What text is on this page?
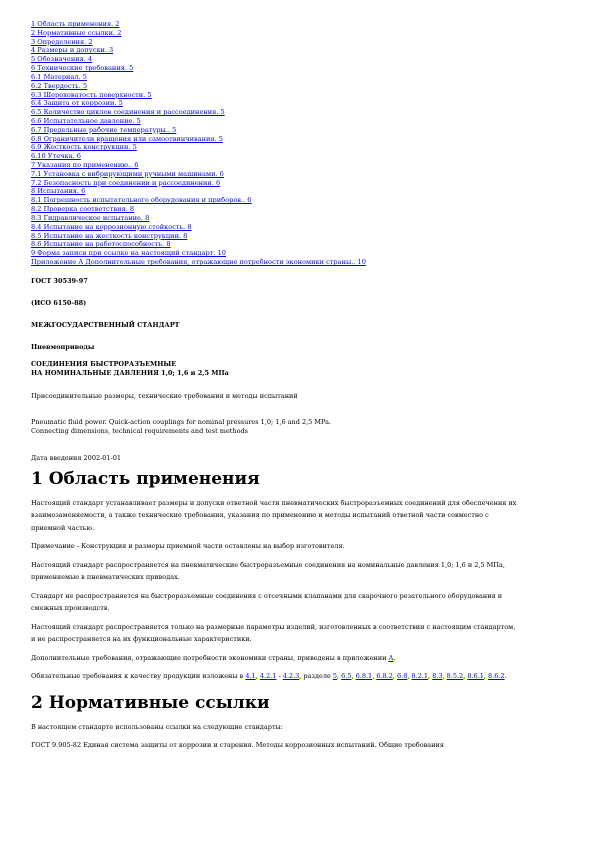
1 Область применения. 2
2 Нормативные ссылки. 2
3 Определения. 2
4 Размеры и допуски. 3
5 Обозначения. 4
6 Технические требования. 5
6.1 Материал. 5
6.2 Твердость. 5
6.3 Шероховатость поверхности. 5
6.4 Защита от коррозии. 5
6.5 Количество циклов соединения и рассоединения. 5
6.6 Испытательное давление. 5
6.7 Предельные рабочие температуры.. 5
6.8 Ограничители вращения или самоотвинчивания. 5
6.9 Жесткость конструкции. 5
6.10 Утечка. 6
7 Указания по применению.. 6
7.1 Установка с вибрирующими ручными машинами. 6
7.2 Безопасность при соединении и рассоединении. 6
8 Испытания. 6
8.1 Погрешность испытательного оборудования и приборов.. 6
8.2 Проверка соответствия. 8
8.3 Гидравлическое испытание. 8
8.4 Испытание на коррозионную стойкость. 8
8.5 Испытание на жесткость конструкции. 8
8.6 Испытание на работоспособность. 8
9 Форма записи при ссылке на настоящий стандарт. 10
Приложение А Дополнительные требования, отражающие потребности экономики страны.. 10

ГОСТ 30539-97

(ИСО 6150-88)

МЕЖГОСУДАРСТВЕННЫЙ СТАНДАРТ

Пневмоприводы

СОЕДИНЕНИЯ БЫСТРОРАЗЪЕМНЫЕ

НА НОМИНАЛЬНЫЕ ДАВЛЕНИЯ 1,0; 1,6 и 2,5 МПа

Присоединительные размеры, технические требования и методы испытаний

Pneumatic fluid power. Quick-action couplings for nominal pressures 1,0; 1,6 and 2,5 MPa.

Connecting dimensions, technical requirements and test methods

Дата введения 2002-01-01

1 Область применения

Настоящий стандарт устанавливает размеры и допуски ответной части пневматических быстроразъемных соединений для обеспечения их

взаимозаменяемости, а также технические требования, указания по применению и методы испытаний ответной части совместно с

приемной частью.

Примечание - Конструкция и размеры приемной части оставлены на выбор изготовителя.

Настоящий стандарт распространяется на пневматические быстроразъемные соединения на номинальные давления 1,0; 1,6 и 2,5 МПа,

применяемые в пневматических приводах.

Стандарт не распространяется на быстроразъемные соединения с отсечными клапанами для сварочного резательного оборудования и

смежных производств.

Настоящий стандарт распространяется только на размерные параметры изделий, изготовленных в соответствии с настоящим стандартом,

и не распространяется на их функциональные характеристики.

Дополнительные требования, отражающие потребности экономики страны, приведены в приложении А.

Обязательные требования к качеству продукции изложены в 4.1, 4.2.1 - 4.2.3, разделе 5, 6.5, 6.8.1, 6.8.2, 6.8, 8.2.1, 8.3, 8.5.2, 8.6.1, 8.6.2.

2 Нормативные ссылки

В настоящем стандарте использованы ссылки на следующие стандарты:

ГОСТ 9.905-82 Единая система защиты от коррозии и старения. Методы коррозионных испытаний. Общие требования
